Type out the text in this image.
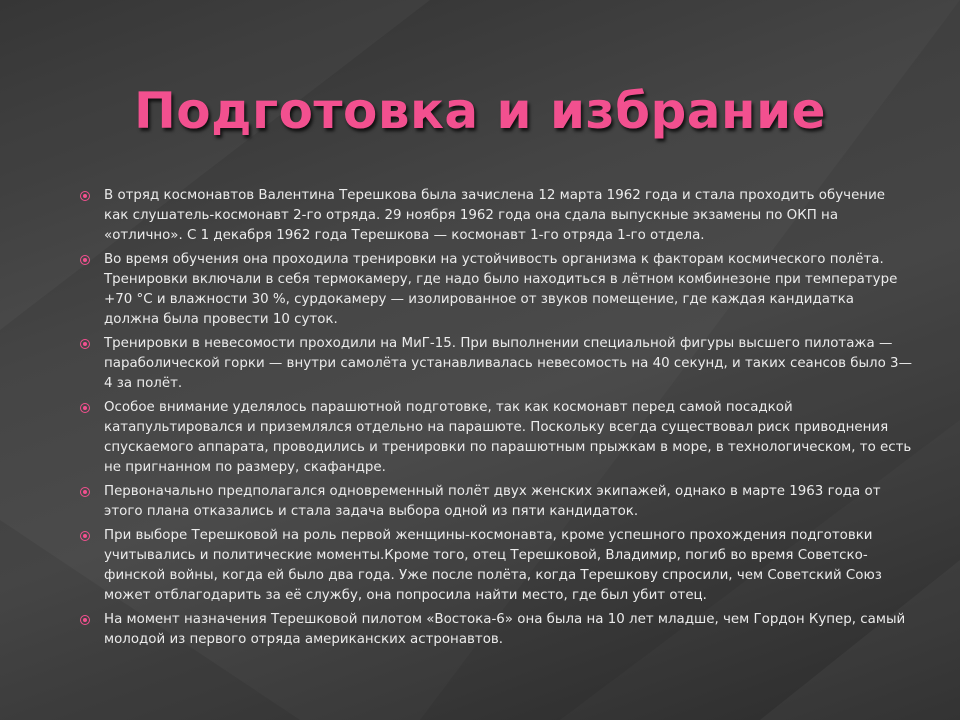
Подготовка и избрание
В отряд космонавтов Валентина Терешкова была зачислена 12 марта 1962 года и стала проходить обучение как слушатель-космонавт 2-го отряда. 29 ноября 1962 года она сдала выпускные экзамены по ОКП на «отлично». С 1 декабря 1962 года Терешкова — космонавт 1-го отряда 1-го отдела.
Во время обучения она проходила тренировки на устойчивость организма к факторам космического полёта. Тренировки включали в себя термокамеру, где надо было находиться в лётном комбинезоне при температуре +70 °C и влажности 30 %, сурдокамеру — изолированное от звуков помещение, где каждая кандидатка должна была провести 10 суток.
Тренировки в невесомости проходили на МиГ-15. При выполнении специальной фигуры высшего пилотажа — параболической горки — внутри самолёта устанавливалась невесомость на 40 секунд, и таких сеансов было 3—4 за полёт.
Особое внимание уделялось парашютной подготовке, так как космонавт перед самой посадкой катапультировался и приземлялся отдельно на парашюте. Поскольку всегда существовал риск приводнения спускаемого аппарата, проводились и тренировки по парашютным прыжкам в море, в технологическом, то есть не пригнанном по размеру, скафандре.
Первоначально предполагался одновременный полёт двух женских экипажей, однако в марте 1963 года от этого плана отказались и стала задача выбора одной из пяти кандидаток.
При выборе Терешковой на роль первой женщины-космонавта, кроме успешного прохождения подготовки учитывались и политические моменты.Кроме того, отец Терешковой, Владимир, погиб во время Советско-финской войны, когда ей было два года. Уже после полёта, когда Терешкову спросили, чем Советский Союз может отблагодарить за её службу, она попросила найти место, где был убит отец.
На момент назначения Терешковой пилотом «Востока-6» она была на 10 лет младше, чем Гордон Купер, самый молодой из первого отряда американских астронавтов.
